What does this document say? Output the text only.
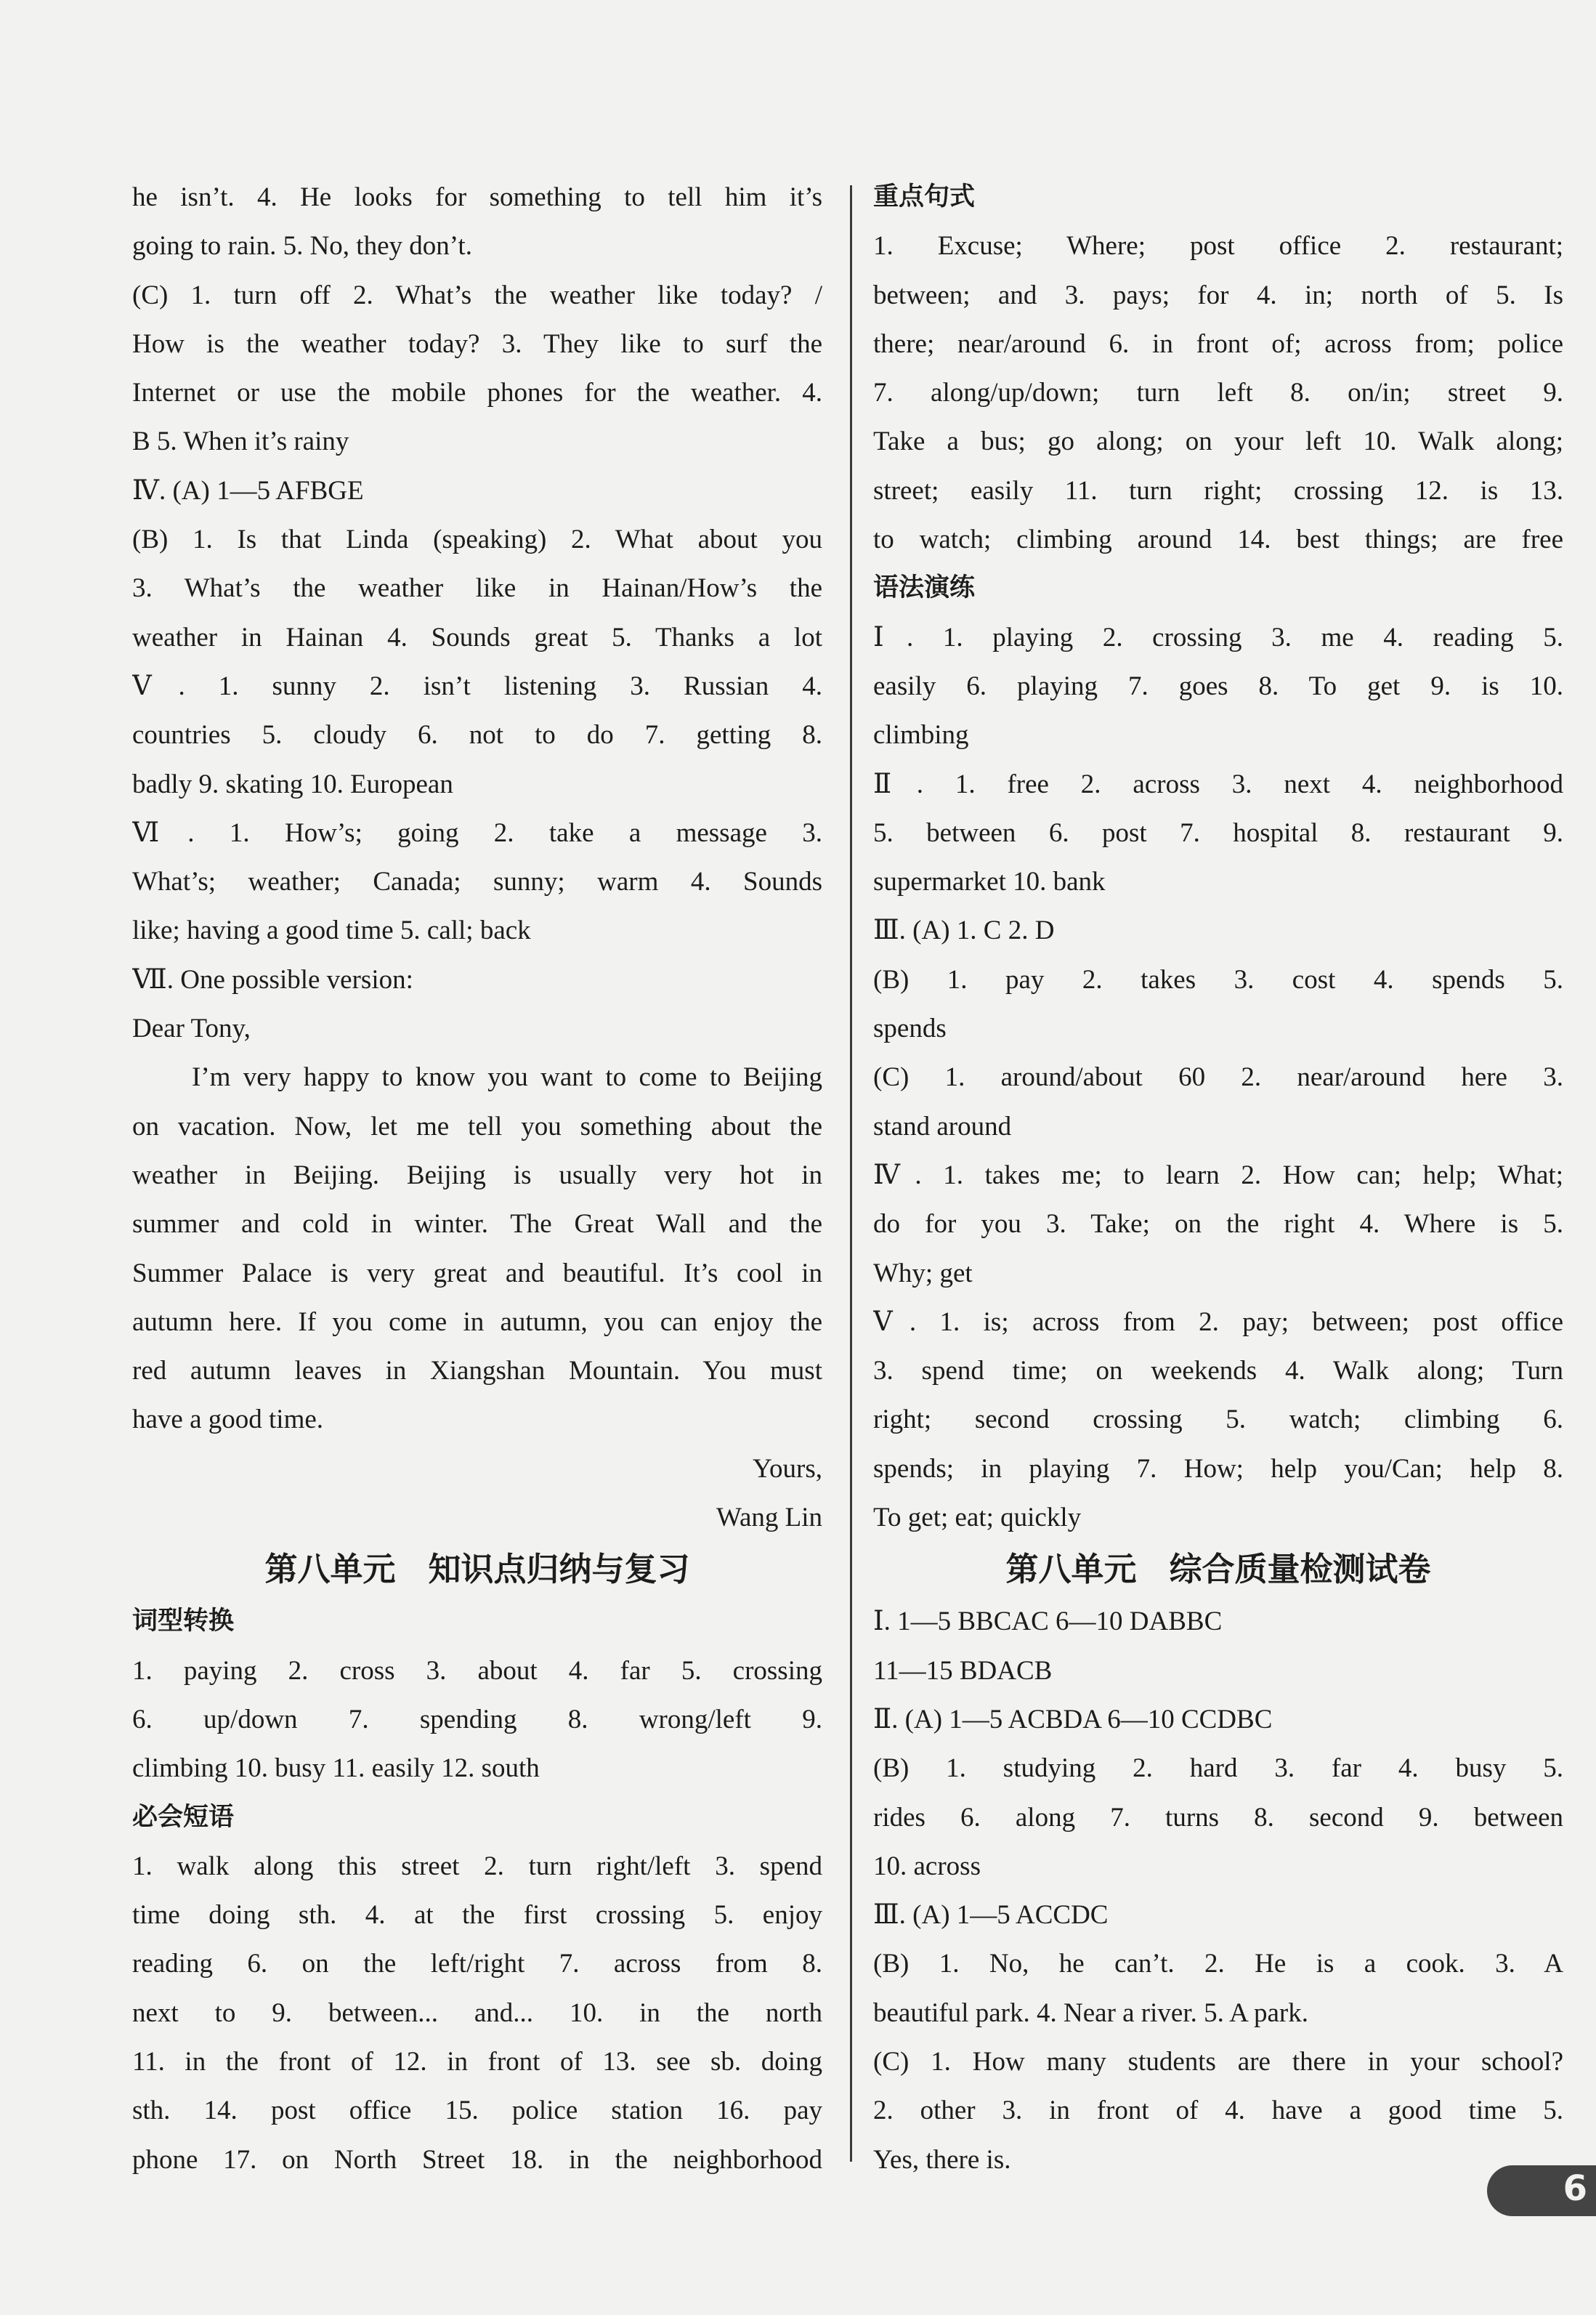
he isn’t. 4. He looks for something to tell him it’s
going to rain. 5. No, they don’t.
(C) 1. turn off 2. What’s the weather like today? /
How is the weather today? 3. They like to surf the
Internet or use the mobile phones for the weather. 4.
B 5. When it’s rainy
Ⅳ. (A) 1—5 AFBGE
(B) 1. Is that Linda (speaking) 2. What about you
3. What’s the weather like in Hainan/How’s the
weather in Hainan 4. Sounds great 5. Thanks a lot
Ⅴ. 1. sunny 2. isn’t listening 3. Russian 4.
countries 5. cloudy 6. not to do 7. getting 8.
badly 9. skating 10. European
Ⅵ. 1. How’s; going 2. take a message 3.
What’s; weather; Canada; sunny; warm 4. Sounds
like; having a good time 5. call; back
Ⅶ. One possible version:
Dear Tony,
I’m very happy to know you want to come to Beijing
on vacation. Now, let me tell you something about the
weather in Beijing. Beijing is usually very hot in
summer and cold in winter. The Great Wall and the
Summer Palace is very great and beautiful. It’s cool in
autumn here. If you come in autumn, you can enjoy the
red autumn leaves in Xiangshan Mountain. You must
have a good time.
Yours,
Wang Lin
第八单元　知识点归纳与复习
词型转换
1. paying 2. cross 3. about 4. far 5. crossing
6. up/down 7. spending 8. wrong/left 9.
climbing 10. busy 11. easily 12. south
必会短语
1. walk along this street 2. turn right/left 3. spend
time doing sth. 4. at the first crossing 5. enjoy
reading 6. on the left/right 7. across from 8.
next to 9. between... and... 10. in the north
11. in the front of 12. in front of 13. see sb. doing
sth. 14. post office 15. police station 16. pay
phone 17. on North Street 18. in the neighborhood
重点句式
1. Excuse; Where; post office 2. restaurant;
between; and 3. pays; for 4. in; north of 5. Is
there; near/around 6. in front of; across from; police
7. along/up/down; turn left 8. on/in; street 9.
Take a bus; go along; on your left 10. Walk along;
street; easily 11. turn right; crossing 12. is 13.
to watch; climbing around 14. best things; are free
语法演练
Ⅰ. 1. playing 2. crossing 3. me 4. reading 5.
easily 6. playing 7. goes 8. To get 9. is 10.
climbing
Ⅱ. 1. free 2. across 3. next 4. neighborhood
5. between 6. post 7. hospital 8. restaurant 9.
supermarket 10. bank
Ⅲ. (A) 1. C 2. D
(B) 1. pay 2. takes 3. cost 4. spends 5.
spends
(C) 1. around/about 60 2. near/around here 3.
stand around
Ⅳ. 1. takes me; to learn 2. How can; help; What;
do for you 3. Take; on the right 4. Where is 5.
Why; get
Ⅴ. 1. is; across from 2. pay; between; post office
3. spend time; on weekends 4. Walk along; Turn
right; second crossing 5. watch; climbing 6.
spends; in playing 7. How; help you/Can; help 8.
To get; eat; quickly
第八单元　综合质量检测试卷
Ⅰ. 1—5 BBCAC 6—10 DABBC
11—15 BDACB
Ⅱ. (A) 1—5 ACBDA 6—10 CCDBC
(B) 1. studying 2. hard 3. far 4. busy 5.
rides 6. along 7. turns 8. second 9. between
10. across
Ⅲ. (A) 1—5 ACCDC
(B) 1. No, he can’t. 2. He is a cook. 3. A
beautiful park. 4. Near a river. 5. A park.
(C) 1. How many students are there in your school?
2. other 3. in front of 4. have a good time 5.
Yes, there is.
6
